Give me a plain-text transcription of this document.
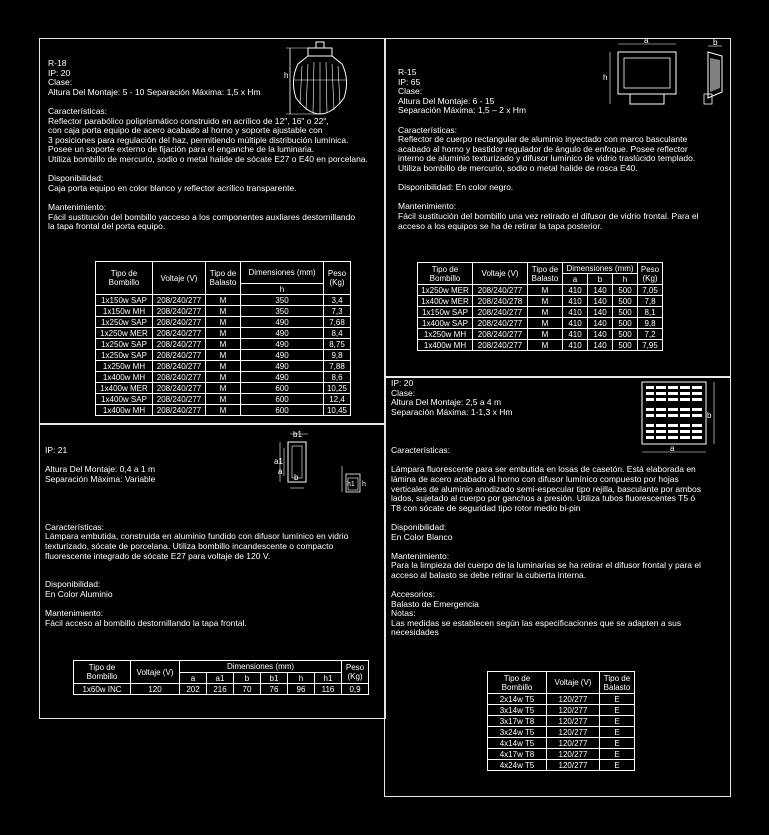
R-18
IP: 20
Clase:
Altura Del Montaje: 5 - 10 Separación Máxima: 1,5 x Hm
Características:
Reflector parabólico poliprismático construido en acrílico de 12", 16" o 22",
con caja porta equipo de acero acabado al horno y soporte ajustable con
3 posiciones para regulación del haz, permitiendo múltiple distribución lumínica.
Posee un soporte externo de fijación para el enganche de la luminaria.
Utiliza bombillo de mercurio, sodio o metal halide de sócate E27 o E40 en porcelana.
Disponibilidad:
Caja porta equipo en color blanco y reflector acrílico transparente.
Mantenimiento:
Fácil sustitución del bombillo yacceso a los componentes auxliares destornillando
la tapa frontal del porta equipo.
h
Tipo de Bombillo	Voltaje (V)	Tipo de Balasto	Dimensiones (mm)	Peso (Kg)
			h	
1x150w SAP	208/240/277	M	350	3,4
1x150w MH	208/240/277	M	350	7,3
1x250w SAP	208/240/277	M	490	7,68
1x250w MER	208/240/277	M	490	8,4
1x250w SAP	208/240/277	M	490	8,75
1x250w SAP	208/240/277	M	490	9,8
1x250w MH	208/240/277	M	490	7,88
1x400w MH	208/240/277	M	490	8,6
1x400w MER	208/240/277	M	600	10,25
1x400w SAP	208/240/277	M	600	12,4
1x400w MH	208/240/277	M	600	10,45
R-15
IP: 65
Clase:
Altura Del Montaje: 6 - 15
Separación Máxima: 1,5 – 2 x Hm
Características:
Reflector de cuerpo rectangular de aluminio inyectado con marco basculante
acabado al horno y bastidor regulador de ángulo de enfoque. Posee reflector
interno de aluminio texturizado y difusor lumínico de vidrio traslúcido templado.
Utiliza bombillo de mercurio, sodio o metal halide de rosca E40.
Disponibilidad: En color negro.
Mantenimiento:
Fácil sustitución del bombillo una vez retirado el difusor de vidrio frontal. Para el
acceso a los equipos se ha de retirar la tapa posterior.
a
h
b
Tipo de Bombillo	Voltaje (V)	Tipo de Balasto	Dimensiones (mm)			Peso (Kg)
			a	b	h	
1x250w MER	208/240/277	M	410	140	500	7,05
1x400w MER	208/240/278	M	410	140	500	7,8
1x150w SAP	208/240/277	M	410	140	500	8,1
1x400w SAP	208/240/277	M	410	140	500	9,8
1x250w MH	208/240/277	M	410	140	500	7,2
1x400w MH	208/240/277	M	410	140	500	7,95
IP: 21
Altura Del Montaje: 0,4 a 1 m
Separación Máxima: Variable
Características:
Lámpara embutida, construida en aluminio fundido con difusor lumínico en vidrio
texturizado, sócate de porcelana. Utiliza bombillo incandescente o compacto
fluorescente integrado de sócate E27 para voltaje de 120 V.
Disponibilidad:
En Color Aluminio
Mantenimiento:
Fácil acceso al bombillo destornillando la tapa frontal.
b1
a1
a
b
h1 h
Tipo de Bombillo	Voltaje (V)	Dimensiones (mm)						Peso (Kg)
		a	a1	b	b1	h	h1	
1x60w INC	120	202	216	70	76	96	116	0,9
IP: 20
Clase:
Altura Del Montaje: 2,5 a 4 m
Separación Máxima: 1-1,3 x Hm
Características:
Lámpara fluorescente para ser embutida en losas de casetón. Está elaborada en
lámina de acero acabado al horno con difusor lumínico compuesto por hojas
verticales de aluminio anodizado semi-especular tipo rejilla, basculante por ambos
lados, sujetado al cuerpo por ganchos a presión. Utiliza tubos fluorescentes T5 ó
T8 con sócate de seguridad tipo rotor medio bi-pin
Disponibilidad:
En Color Blanco
Mantenimiento:
Para la limpieza del cuerpo de la luminarias se ha retirar el difusor frontal y para el
acceso al balasto se debe retirar la cubierta interna.
Accesorios:
Balasto de Emergencia
Notas:
Las medidas se establecen según las especificaciones que se adapten a sus
necesidades
b
a
Tipo de Bombillo	Voltaje (V)	Tipo de Balasto
2x14w T5	120/277	E
3x14w T5	120/277	E
3x17w T8	120/277	E
3x24w T5	120/277	E
4x14w T5	120/277	E
4x17w T8	120/277	E
4x24w T5	120/277	E
